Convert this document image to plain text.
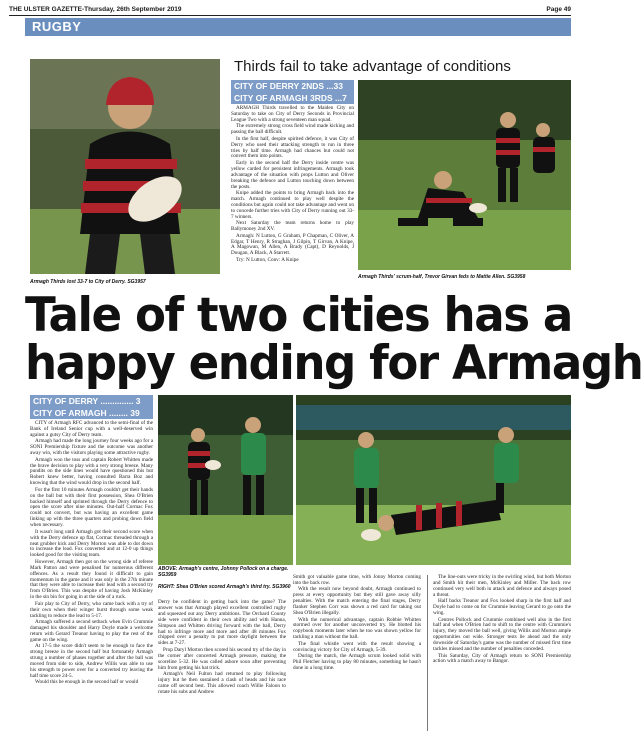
THE ULSTER GAZETTE-Thursday, 26th September 2019	Page 49
RUGBY
Armagh Thirds lost 33-7 to City of Derry. SG3957
Thirds fail to take advantage of conditions
CITY OF DERRY 2NDS ...33
CITY OF ARMAGH 3RDS ...7

ARMAGH Thirds travelled to the Maiden City on Saturday to take on City of Derry Seconds in Provincial League Two with a strong seventeen man squad.

The extremely strong cross field wind made kicking and passing the ball difficult.

In the first half, despite spirited defence, it was City of Derry who used their attacking strength to run in three tries by half time. Armagh had chances but could not convert them into points.

Early in the second half the Derry inside centre was yellow carded for persistent infringements. Armagh took advantage of the situation with props Lutton and Oliver breaking the defence and Lutton touching down between the posts.

Knipe added the points to bring Armagh back into the match. Armagh continued to play well despite the conditions but again could not take advantage and went on to concede further tries with City of Derry running out 33-7 winners.

Next Saturday the team returns home to play Ballymoney 2nd XV.

Armagh: N Lutton, G Graham, P Chapman, C Oliver, A Edgar, T Henry, R Straghan, J Gilpin, T Girvan, A Knipe, A Magowan, M Allen, A Brady (Capt), D Reynolds, J Dougan, A Black, A Starrett.

Try: N Lutton, Conv: A Knipe

Armagh Thirds' scrum-half, Trevor Girvan feds to Mattie Allen. SG3958
Tale of two cities has a
happy ending for Armagh
CITY OF DERRY .............. 3
CITY OF ARMAGH ........ 39

CITY of Armagh RFC advanced to the semi-final of the Bank of Ireland Senior cup with a well-deserved win against a gutsy City of Derry team.

Armagh had made the long journey four weeks ago for a SONI Premiership fixture and the outcome was another away win, with the visitors playing some attractive rugby.

Armagh won the toss and captain Robert Whitten made the brave decision to play with a very strong breeze. Many pundits on the side lines would have questioned this but Robert knew better, having consulted Barra Boz and knowing that the wind would drop in the second half.

For the first 10 minutes Armagh couldn't get their hands on the ball but with their first possession, Shea O'Brien backed himself and sprinted through the Derry defence to open the score after nine minutes. Out-half Cormac Fox could not convert, but was having an excellent game linking up with the three quarters and probing down field when necessary.

It wasn't long until Armagh got their second score when with the Derry defence up flat, Cormac threaded through a neat grubber kick and Derry Morton was able to dot down to increase the lead. Fox converted and at 12-0 up things looked good for the visiting team.

However, Armagh then got on the wrong side of referee Mark Patton and were penalised for numerous different offences. As a result they found it difficult to gain momentum in the game and it was only in the 27th minute that they were able to increase their lead with a second try from O'Brien. This was despite of having Josh McKinley in the sin bin for going in at the side of a ruck.

Fair play to City of Derry, who came back with a try of their own when their winger burst through some weak tackling to reduce the lead to 5-17.

Armagh suffered a second setback when Evin Crummie damaged his shoulder and Harry Doyle made a welcome return with Gerard Treanor having to play the rest of the game on the wing.

At 17-5 the score didn't seem to be enough to face the strong breeze in the second half but fortunately Armagh strung a number of phases together and after the ball was moved from side to side, Andrew Willis was able to use his strength to power over for a converted try leaving the half time score 24-5.

Would this be enough in the second half or would

ABOVE: Armagh's centre, Johnny Pollock on a charge. SG3959
RIGHT: Shea O'Brien scored Armagh's third try. SG3960

Derry be confident in getting back into the game? The answer was that Armagh played excellent controlled rugby and squeezed out any Derry ambitions. The Orchard County side were confident in their own ability and with Hanna, Simpson and Whitten driving forward with the ball, Derry had to infringe more and more and after 48 minutes Fox chipped over a penalty to put more daylight between the sides at 7-27.

Prop Daryl Morton then scored his second try of the day in the corner after concerted Armagh pressure, making the scoreline 5-32. He was called ashore soon after preventing him from getting his hat trick.

Armagh's Neil Fulton had returned to play following injury but he then sustained a clash of heads and his race came off second best. This allowed coach Willie Faloon to rotate his subs and Andrew

Smith got valuable game time, with Jonny Morton coming into the back row.

With the result now beyond doubt, Armagh continued to press at every opportunity but they still gave away silly penalties. With the match entering the final stages, Derry flanker Stephen Corr was shown a red card for taking out Shea O'Brien illegally.

With the numerical advantage, captain Robbie Whitten stormed over for another unconverted try. He blotted his copybook moments later when he too was shown yellow for tackling a man without the ball.

The final whistle went with the result showing a convincing victory for City of Armagh, 5-39.

During the match, the Armagh scrum looked solid with Phil Fletcher having to play 80 minutes, something he hasn't done in a long time.

The line-outs were tricky in the swirling wind, but both Morton and Smith hit their men, McKinley and Miller. The back row continued very well both in attack and defence and always posed a threat.

Half backs Treanor and Fox looked sharp in the first half and Doyle had to come on for Crummie leaving Gerard to go onto the wing.

Centres Pollock and Crummie combined well also in the first half and when O'Brien had to shift to the centre with Crummie's injury, they moved the ball well, giving Willis and Morton ample opportunities out wide. Stronger tests lie ahead and the only downside of Saturday's game was the number of missed first time tackles missed and the number of penalties conceded.

This Saturday, City of Armagh return to SONI Premiership action with a match away to Bangor.
